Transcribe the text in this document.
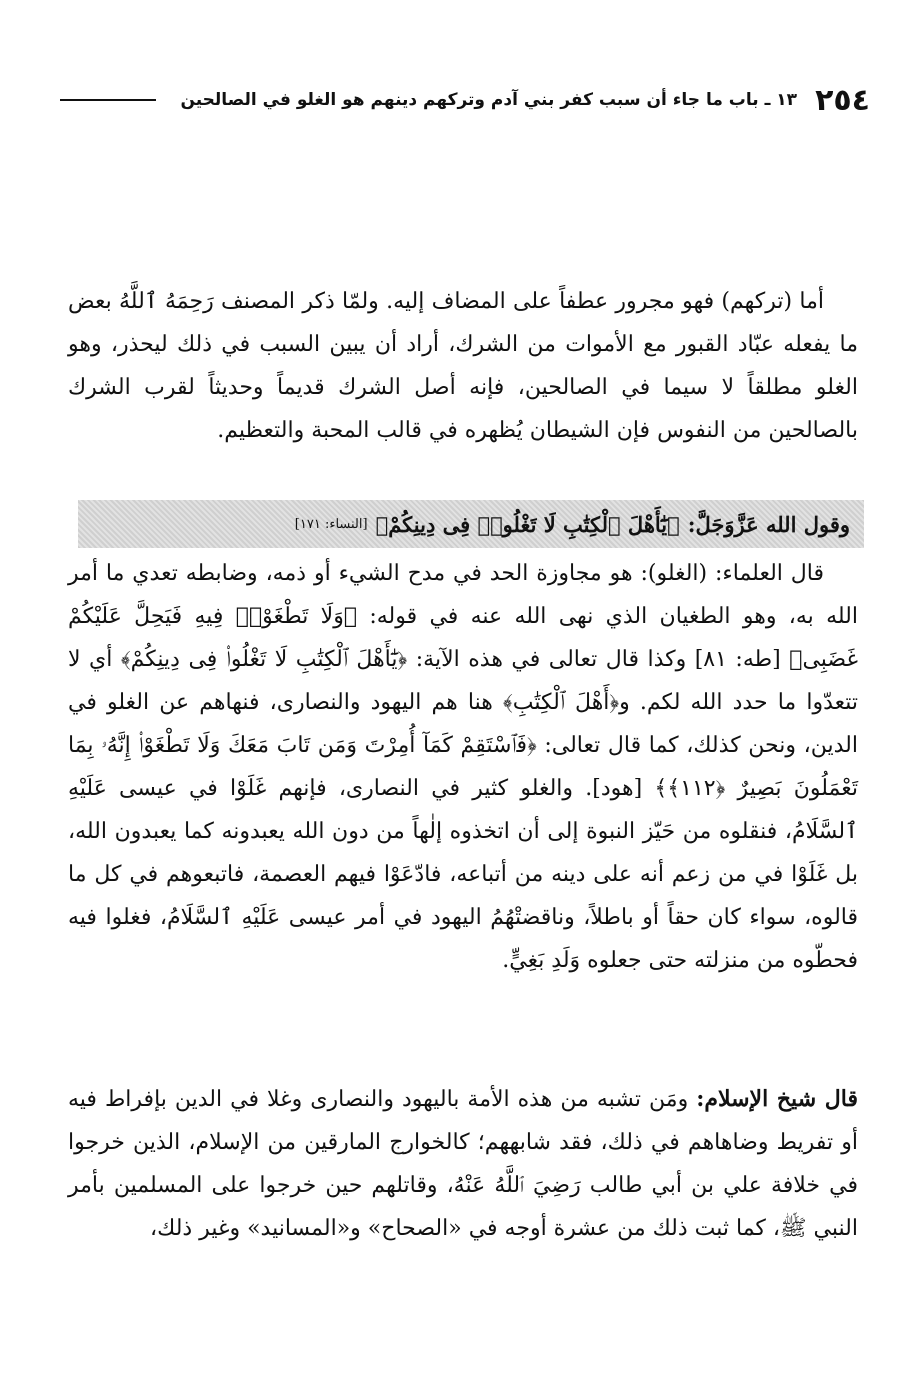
٢٥٤
١٣ ـ باب ما جاء أن سبب كفر بني آدم وتركهم دينهم هو الغلو في الصالحين

أما (تركهم) فهو مجرور عطفاً على المضاف إليه. ولمّا ذكر المصنف رَحِمَهُ ٱللَّهُ بعض ما يفعله عبّاد القبور مع الأموات من الشرك، أراد أن يبين السبب في ذلك ليحذر، وهو الغلو مطلقاً لا سيما في الصالحين، فإنه أصل الشرك قديماً وحديثاً لقرب الشرك بالصالحين من النفوس فإن الشيطان يُظهره في قالب المحبة والتعظيم.

وقول الله عَزَّوَجَلَّ:
﴿يَٰٓأَهْلَ ٱلْكِتَٰبِ لَا تَغْلُوا۟ فِى دِينِكُمْ﴾
[النساء: ١٧١]

قال العلماء: (الغلو): هو مجاوزة الحد في مدح الشيء أو ذمه، وضابطه تعدي ما أمر الله به، وهو الطغيان الذي نهى الله عنه في قوله: ﴿وَلَا تَطْغَوْا۟ فِيهِ فَيَحِلَّ عَلَيْكُمْ غَضَبِى﴾ [طه: ٨١] وكذا قال تعالى في هذه الآية: ﴿يَٰٓأَهْلَ ٱلْكِتَٰبِ لَا تَغْلُوا۟ فِى دِينِكُمْ﴾ أي لا تتعدّوا ما حدد الله لكم. و﴿أَهْلَ ٱلْكِتَٰبِ﴾ هنا هم اليهود والنصارى، فنهاهم عن الغلو في الدين، ونحن كذلك، كما قال تعالى: ﴿فَٱسْتَقِمْ كَمَآ أُمِرْتَ وَمَن تَابَ مَعَكَ وَلَا تَطْغَوْا۟ إِنَّهُۥ بِمَا تَعْمَلُونَ بَصِيرٌ ﴿١١٢﴾﴾ [هود]. والغلو كثير في النصارى، فإنهم غَلَوْا في عيسى عَلَيْهِ ٱلسَّلَامُ، فنقلوه من حَيّز النبوة إلى أن اتخذوه إلٰهاً من دون الله يعبدونه كما يعبدون الله، بل غَلَوْا في من زعم أنه على دينه من أتباعه، فادّعَوْا فيهم العصمة، فاتبعوهم في كل ما قالوه، سواء كان حقاً أو باطلاً، وناقضتْهُمُ اليهود في أمر عيسى عَلَيْهِ ٱلسَّلَامُ، فغلوا فيه فحطّوه من منزلته حتى جعلوه وَلَدِ بَغِيٍّ.

قال شيخ الإسلام: ومَن تشبه من هذه الأمة باليهود والنصارى وغلا في الدين بإفراط فيه أو تفريط وضاهاهم في ذلك، فقد شابههم؛ كالخوارج المارقين من الإسلام، الذين خرجوا في خلافة علي بن أبي طالب رَضِيَ ٱللَّهُ عَنْهُ، وقاتلهم حين خرجوا على المسلمين بأمر النبي ﷺ، كما ثبت ذلك من عشرة أوجه في «الصحاح» و«المسانيد» وغير ذلك،
